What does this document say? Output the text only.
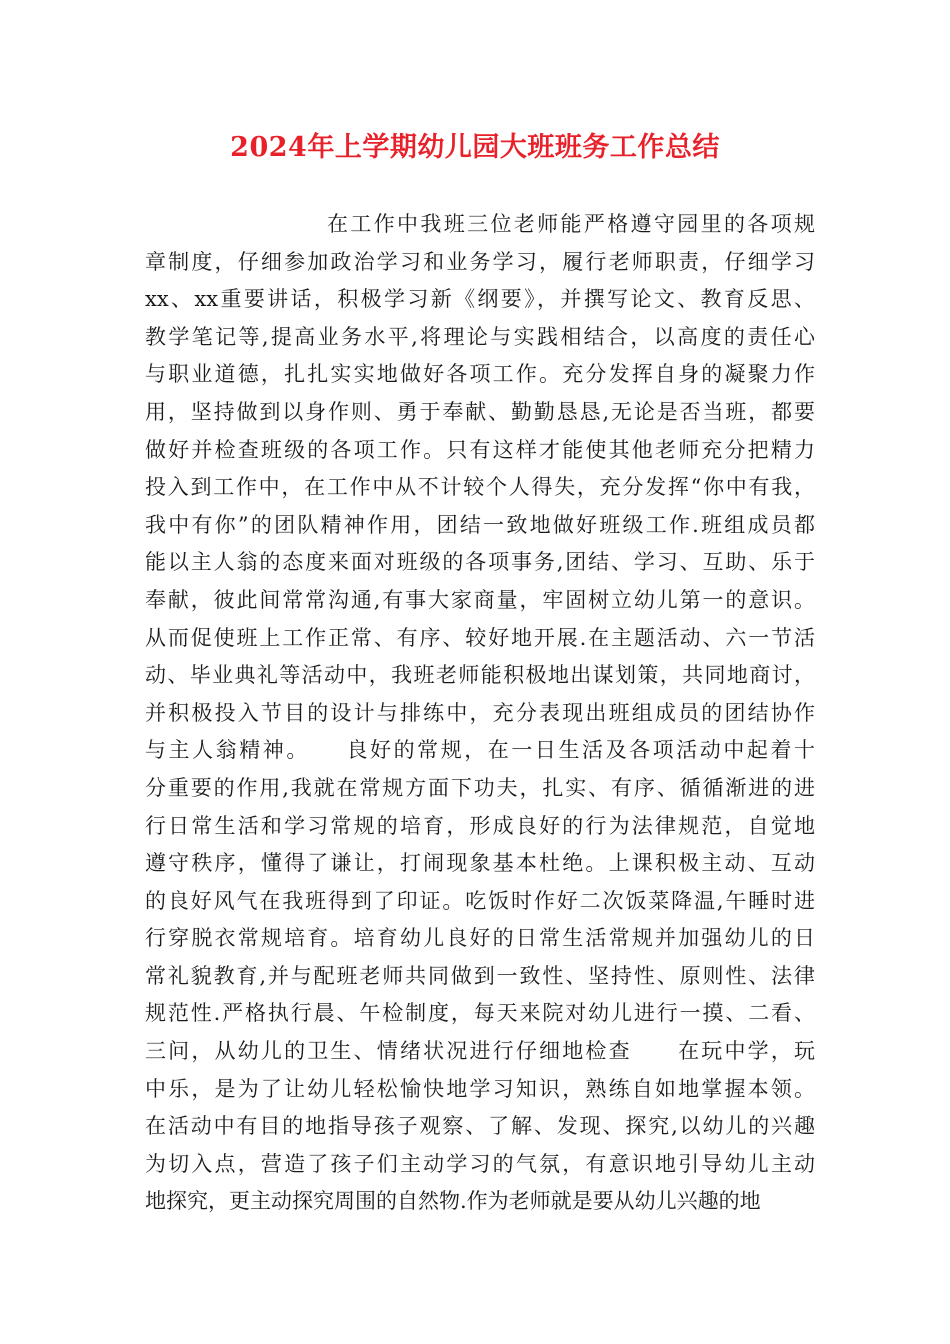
2024年上学期幼儿园大班班务工作总结
在工作中我班三位老师能严格遵守园里的各项规
章制度，仔细参加政治学习和业务学习，履行老师职责，仔细学习
xx、xx重要讲话，积极学习新《纲要》，并撰写论文、教育反思、
教学笔记等,提高业务水平,将理论与实践相结合，以高度的责任心
与职业道德，扎扎实实地做好各项工作。充分发挥自身的凝聚力作
用，坚持做到以身作则、勇于奉献、勤勤恳恳,无论是否当班，都要
做好并检查班级的各项工作。只有这样才能使其他老师充分把精力
投入到工作中，在工作中从不计较个人得失，充分发挥“你中有我，
我中有你”的团队精神作用，团结一致地做好班级工作.班组成员都
能以主人翁的态度来面对班级的各项事务,团结、学习、互助、乐于
奉献，彼此间常常沟通,有事大家商量，牢固树立幼儿第一的意识。
从而促使班上工作正常、有序、较好地开展.在主题活动、六一节活
动、毕业典礼等活动中，我班老师能积极地出谋划策，共同地商讨，
并积极投入节目的设计与排练中，充分表现出班组成员的团结协作
与主人翁精神。　　良好的常规，在一日生活及各项活动中起着十
分重要的作用,我就在常规方面下功夫，扎实、有序、循循渐进的进
行日常生活和学习常规的培育，形成良好的行为法律规范，自觉地
遵守秩序，懂得了谦让，打闹现象基本杜绝。上课积极主动、互动
的良好风气在我班得到了印证。吃饭时作好二次饭菜降温,午睡时进
行穿脱衣常规培育。培育幼儿良好的日常生活常规并加强幼儿的日
常礼貌教育,并与配班老师共同做到一致性、坚持性、原则性、法律
规范性.严格执行晨、午检制度，每天来院对幼儿进行一摸、二看、
三问，从幼儿的卫生、情绪状况进行仔细地检查　　在玩中学，玩
中乐，是为了让幼儿轻松愉快地学习知识，熟练自如地掌握本领。
在活动中有目的地指导孩子观察、了解、发现、探究,以幼儿的兴趣
为切入点，营造了孩子们主动学习的气氛，有意识地引导幼儿主动
地探究，更主动探究周围的自然物.作为老师就是要从幼儿兴趣的地
